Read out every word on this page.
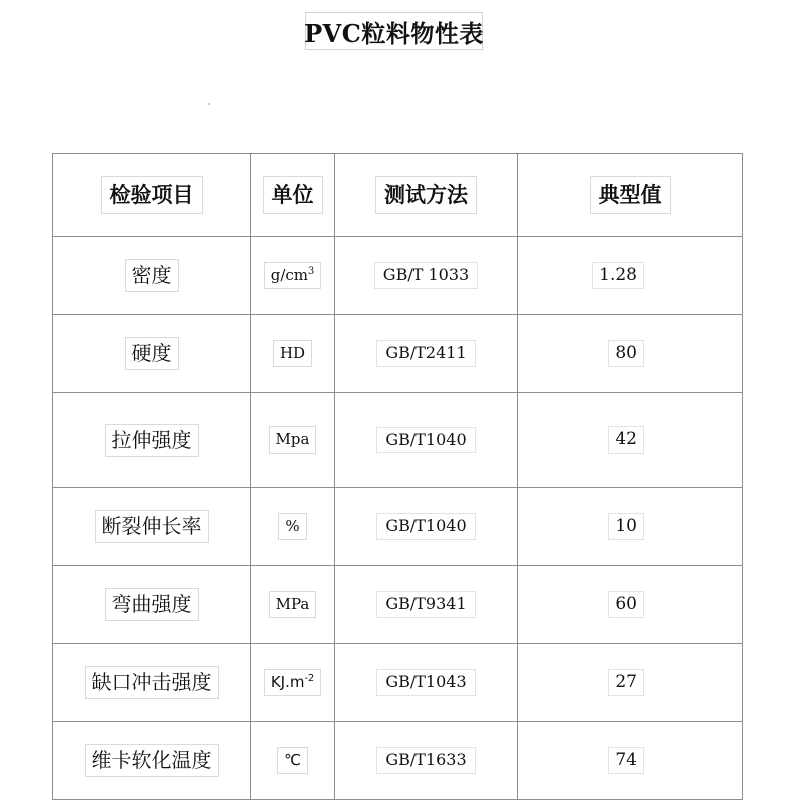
PVC粒料物性表
检验项目	单位	测试方法	典型值

密度	$g/cm^3$	GB/T 1033	1.28

硬度	HD	GB/T2411	80

拉伸强度	Mpa	GB/T1040	42

断裂伸长率	%	GB/T1040	10

弯曲强度	MPa	GB/T9341	60

缺口冲击强度	$KJ.m^{-2}$	GB/T1043	27

维卡软化温度	℃	GB/T1633	74
